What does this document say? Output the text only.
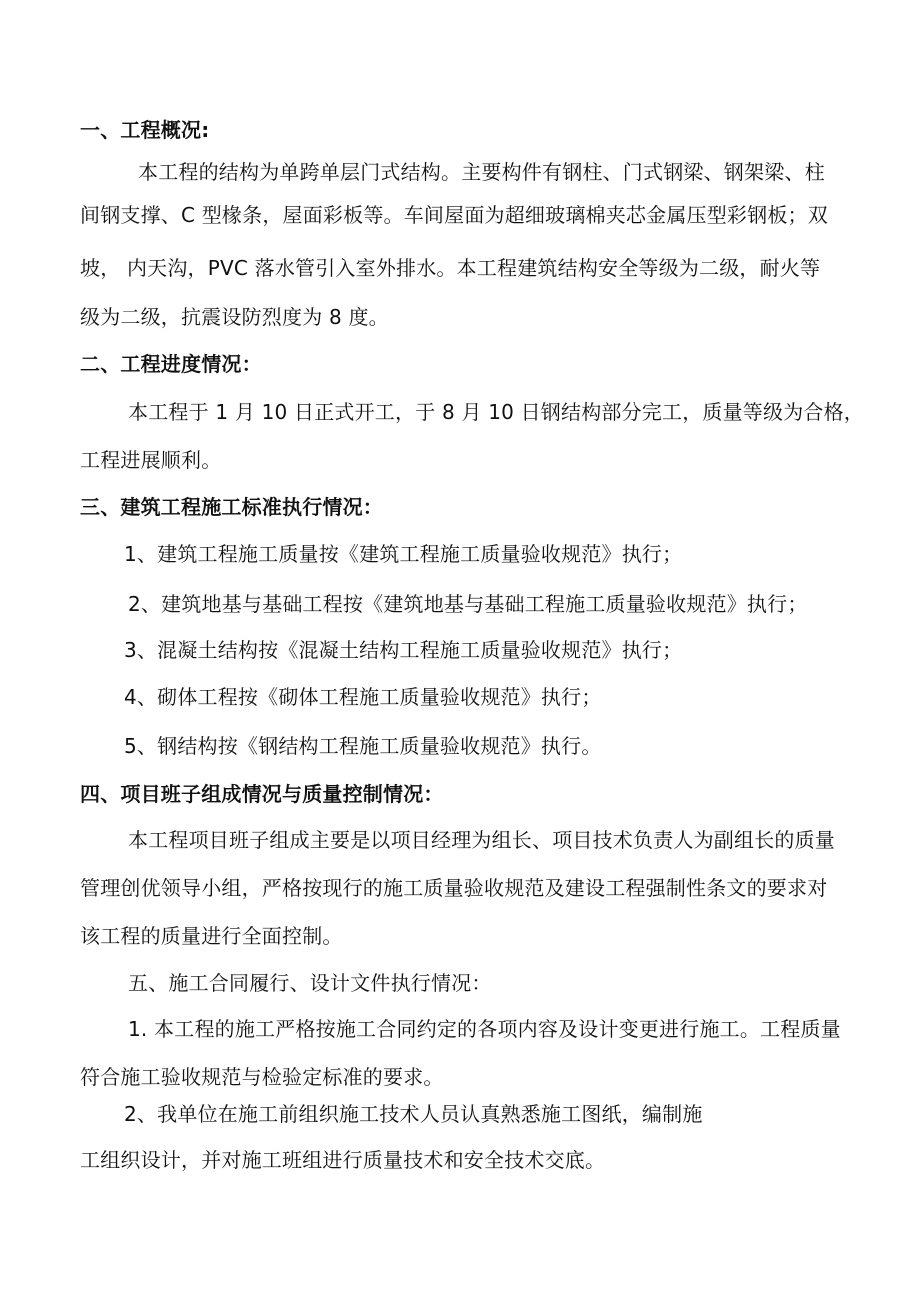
一、工程概况:
本工程的结构为单跨单层门式结构。主要构件有钢柱、门式钢梁、钢架梁、柱
间钢支撑、C 型椽条，屋面彩板等。车间屋面为超细玻璃棉夹芯金属压型彩钢板；双
坡， 内天沟，PVC 落水管引入室外排水。本工程建筑结构安全等级为二级，耐火等
级为二级，抗震设防烈度为 8 度。
二、工程进度情况：
本工程于 1 月 10 日正式开工，于 8 月 10 日钢结构部分完工，质量等级为合格，
工程进展顺利。
三、建筑工程施工标准执行情况：
1、建筑工程施工质量按《建筑工程施工质量验收规范》执行；
2、建筑地基与基础工程按《建筑地基与基础工程施工质量验收规范》执行；
3、混凝土结构按《混凝土结构工程施工质量验收规范》执行；
4、砌体工程按《砌体工程施工质量验收规范》执行；
5、钢结构按《钢结构工程施工质量验收规范》执行。
四、项目班子组成情况与质量控制情况：
本工程项目班子组成主要是以项目经理为组长、项目技术负责人为副组长的质量
管理创优领导小组，严格按现行的施工质量验收规范及建设工程强制性条文的要求对
该工程的质量进行全面控制。
五、施工合同履行、设计文件执行情况：
1. 本工程的施工严格按施工合同约定的各项内容及设计变更进行施工。工程质量
符合施工验收规范与检验定标准的要求。
2、我单位在施工前组织施工技术人员认真熟悉施工图纸，编制施
工组织设计，并对施工班组进行质量技术和安全技术交底。
